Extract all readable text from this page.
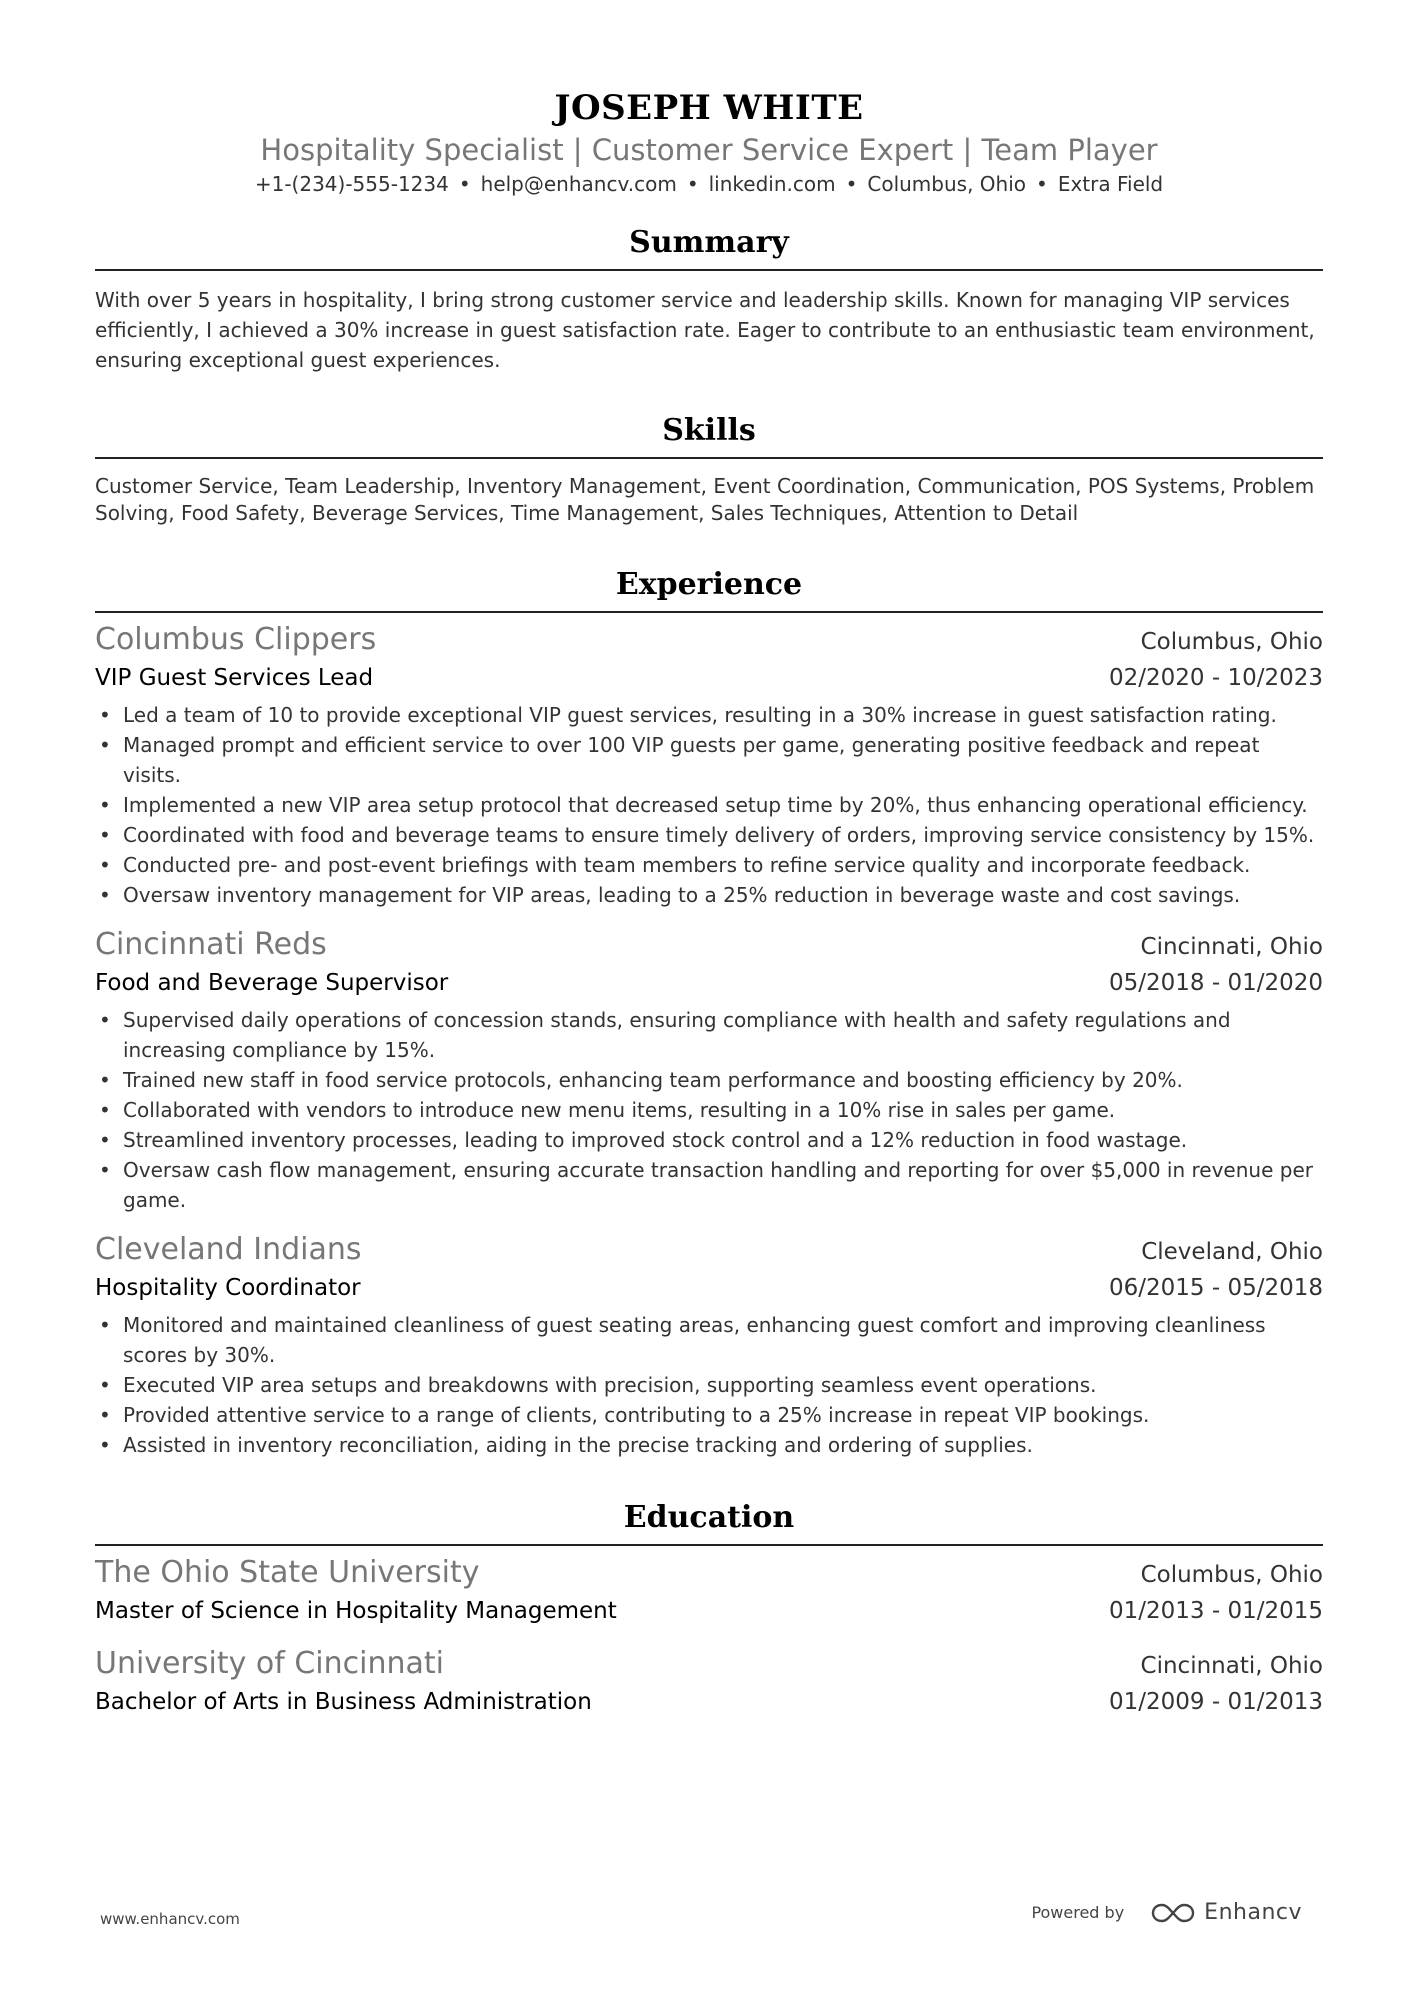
JOSEPH WHITE
Hospitality Specialist | Customer Service Expert | Team Player
+1-(234)-555-1234 • help@enhancv.com • linkedin.com • Columbus, Ohio • Extra Field
Summary
With over 5 years in hospitality, I bring strong customer service and leadership skills. Known for managing VIP services efficiently, I achieved a 30% increase in guest satisfaction rate. Eager to contribute to an enthusiastic team environment, ensuring exceptional guest experiences.
Skills
Customer Service, Team Leadership, Inventory Management, Event Coordination, Communication, POS Systems, Problem Solving, Food Safety, Beverage Services, Time Management, Sales Techniques, Attention to Detail
Experience
Columbus Clippers	Columbus, Ohio
VIP Guest Services Lead	02/2020 - 10/2023
• Led a team of 10 to provide exceptional VIP guest services, resulting in a 30% increase in guest satisfaction rating.
• Managed prompt and efficient service to over 100 VIP guests per game, generating positive feedback and repeat visits.
• Implemented a new VIP area setup protocol that decreased setup time by 20%, thus enhancing operational efficiency.
• Coordinated with food and beverage teams to ensure timely delivery of orders, improving service consistency by 15%.
• Conducted pre- and post-event briefings with team members to refine service quality and incorporate feedback.
• Oversaw inventory management for VIP areas, leading to a 25% reduction in beverage waste and cost savings.
Cincinnati Reds	Cincinnati, Ohio
Food and Beverage Supervisor	05/2018 - 01/2020
• Supervised daily operations of concession stands, ensuring compliance with health and safety regulations and increasing compliance by 15%.
• Trained new staff in food service protocols, enhancing team performance and boosting efficiency by 20%.
• Collaborated with vendors to introduce new menu items, resulting in a 10% rise in sales per game.
• Streamlined inventory processes, leading to improved stock control and a 12% reduction in food wastage.
• Oversaw cash flow management, ensuring accurate transaction handling and reporting for over $5,000 in revenue per game.
Cleveland Indians	Cleveland, Ohio
Hospitality Coordinator	06/2015 - 05/2018
• Monitored and maintained cleanliness of guest seating areas, enhancing guest comfort and improving cleanliness scores by 30%.
• Executed VIP area setups and breakdowns with precision, supporting seamless event operations.
• Provided attentive service to a range of clients, contributing to a 25% increase in repeat VIP bookings.
• Assisted in inventory reconciliation, aiding in the precise tracking and ordering of supplies.
Education
The Ohio State University	Columbus, Ohio
Master of Science in Hospitality Management	01/2013 - 01/2015
University of Cincinnati	Cincinnati, Ohio
Bachelor of Arts in Business Administration	01/2009 - 01/2013
www.enhancv.com	Powered by	Enhancv
